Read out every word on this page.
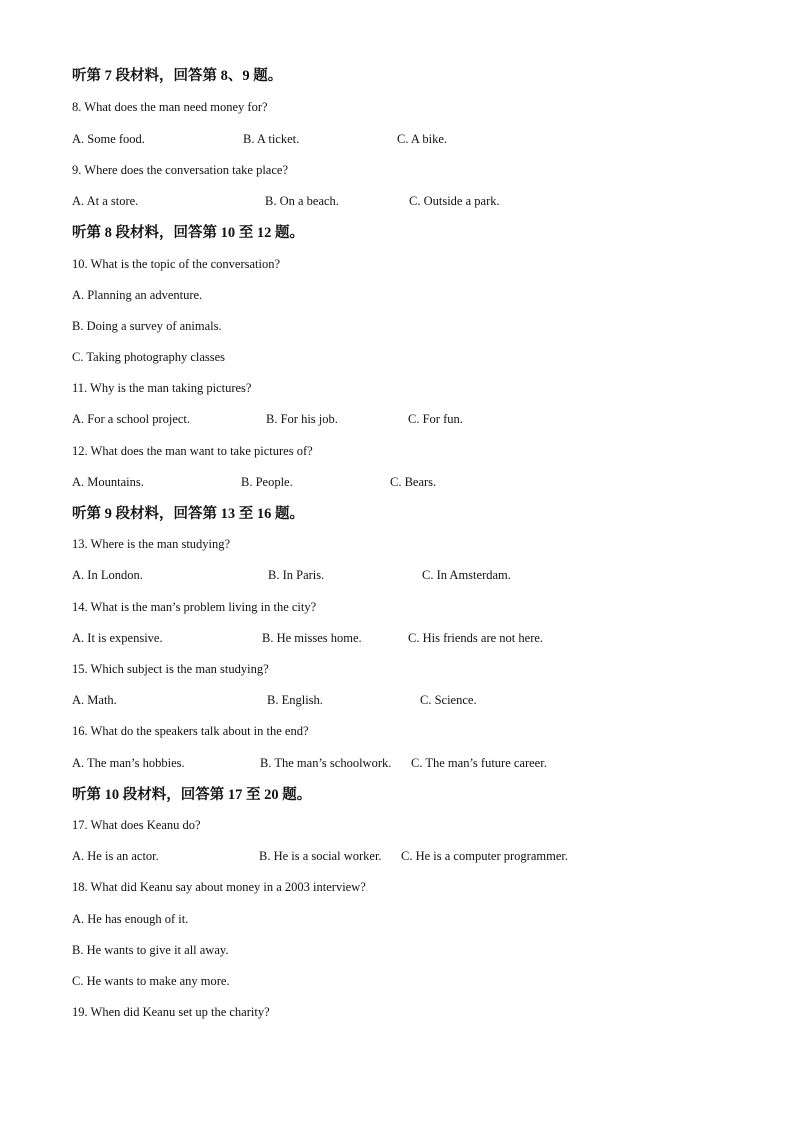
听第 7 段材料，回答第 8、9 题。
8. What does the man need money for?
A. Some food.	B. A ticket.	C. A bike.
9. Where does the conversation take place?
A. At a store.	B. On a beach.	C. Outside a park.
听第 8 段材料，回答第 10 至 12 题。
10. What is the topic of the conversation?
A. Planning an adventure.
B. Doing a survey of animals.
C. Taking photography classes
11. Why is the man taking pictures?
A. For a school project.	B. For his job.	C. For fun.
12. What does the man want to take pictures of?
A. Mountains.	B. People.	C. Bears.
听第 9 段材料，回答第 13 至 16 题。
13. Where is the man studying?
A. In London.	B. In Paris.	C. In Amsterdam.
14. What is the man’s problem living in the city?
A. It is expensive.	B. He misses home.	C. His friends are not here.
15. Which subject is the man studying?
A. Math.	B. English.	C. Science.
16. What do the speakers talk about in the end?
A. The man’s hobbies.	B. The man’s schoolwork. C. The man’s future career.
听第 10 段材料，回答第 17 至 20 题。
17. What does Keanu do?
A. He is an actor.	B. He is a social worker. C. He is a computer programmer.
18. What did Keanu say about money in a 2003 interview?
A. He has enough of it.
B. He wants to give it all away.
C. He wants to make any more.
19. When did Keanu set up the charity?
